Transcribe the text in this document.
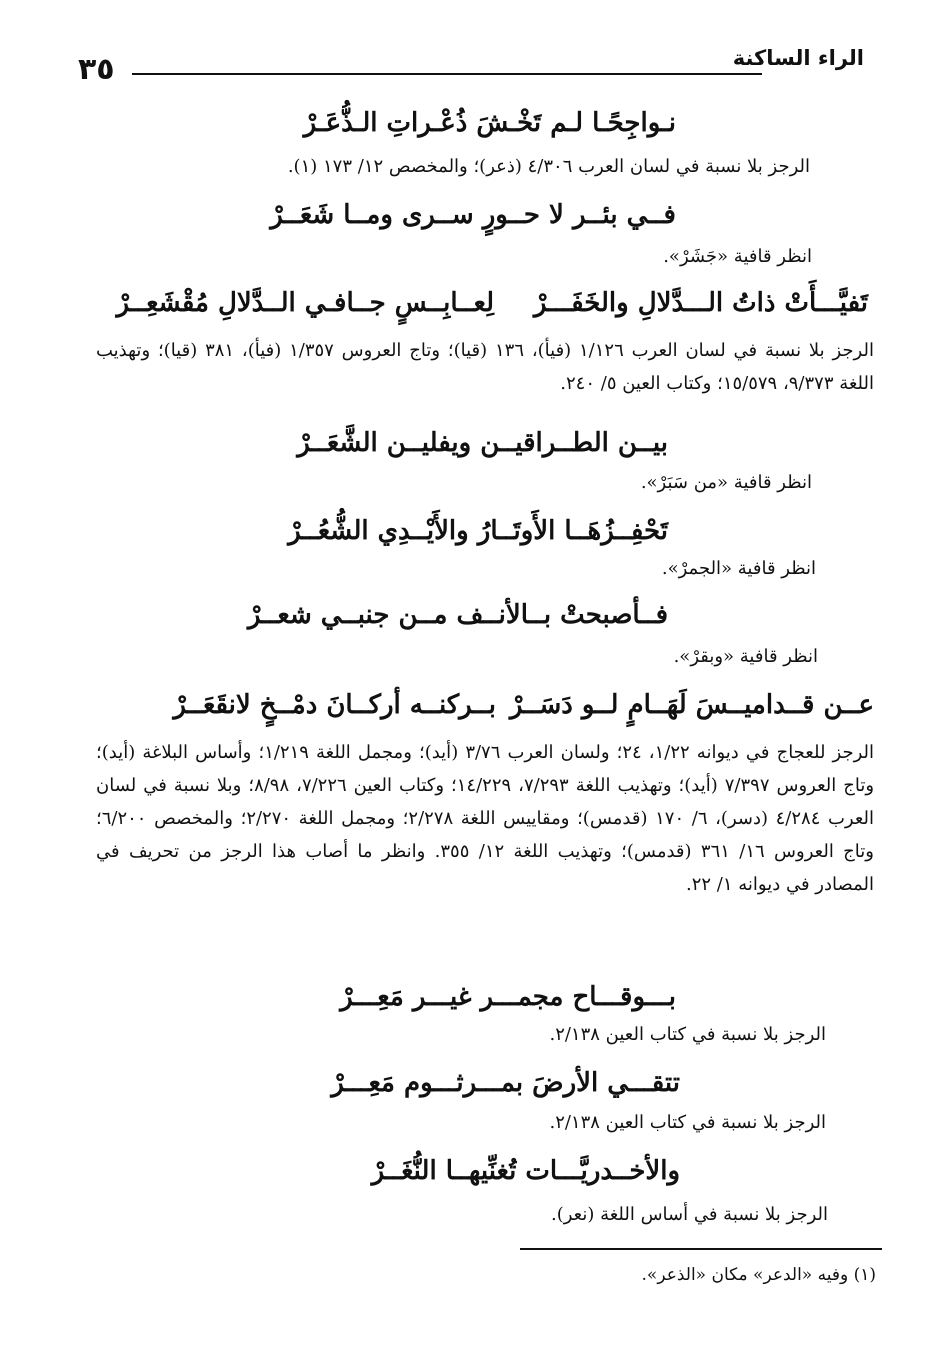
الراء الساكنة
٣٥
نـواجِحًـا لـم تَخْـشَ ذُعْـراتِ الـذُّعَـرْ
الرجز بلا نسبة في لسان العرب ٤/٣٠٦ (ذعر)؛ والمخصص ١٢/ ١٧٣ (١).
فــي بئــر لا حــورٍ ســرى ومــا شَعَــرْ
انظر قافية «جَشَرْ».
تَفيَّـــأَتْ ذاتُ الـــدَّلالِ والخَفَـــرْ
لِعــابِــسٍ جــافـي الــدَّلالِ مُقْشَعِــرْ
الرجز بلا نسبة في لسان العرب ١/١٢٦ (فيأ)، ١٣٦ (قيا)؛ وتاج العروس ١/٣٥٧ (فيأ)، ٣٨١ (قيا)؛ وتهذيب اللغة ٩/٣٧٣، ١٥/٥٧٩؛ وكتاب العين ٥/ ٢٤٠.
بيــن الطــراقيــن ويفليــن الشَّعَــرْ
انظر قافية «من سَبَرْ».
تَحْفِــزُهَــا الأَوتَــارُ والأَيْــدِي الشُّعُــرْ
انظر قافية «الجمرْ».
فــأصبحتْ بــالأنــف مــن جنبــي شعــرْ
انظر قافية «وبقرْ».
عــن قــداميــسَ لَهَــامٍ لــو دَسَــرْ
بــركنــه أركــانَ دمْــخٍ لانقَعَــرْ
الرجز للعجاج في ديوانه ١/٢٢، ٢٤؛ ولسان العرب ٣/٧٦ (أيد)؛ ومجمل اللغة ١/٢١٩؛ وأساس البلاغة (أيد)؛ وتاج العروس ٧/٣٩٧ (أيد)؛ وتهذيب اللغة ٧/٢٩٣، ١٤/٢٢٩؛ وكتاب العين ٧/٢٢٦، ٨/٩٨؛ وبلا نسبة في لسان العرب ٤/٢٨٤ (دسر)، ٦/ ١٧٠ (قدمس)؛ ومقاييس اللغة ٢/٢٧٨؛ ومجمل اللغة ٢/٢٧٠؛ والمخصص ٦/٢٠٠؛ وتاج العروس ١٦/ ٣٦١ (قدمس)؛ وتهذيب اللغة ١٢/ ٣٥٥. وانظر ما أصاب هذا الرجز من تحريف في المصادر في ديوانه ١/ ٢٢.
بـــوقـــاح مجمـــر غيـــر مَعِـــرْ
الرجز بلا نسبة في كتاب العين ٢/١٣٨.
تتقـــي الأرضَ بمـــرثـــوم مَعِـــرْ
الرجز بلا نسبة في كتاب العين ٢/١٣٨.
والأخــدريَّـــات تُغنِّيهــا النُّغَــرْ
الرجز بلا نسبة في أساس اللغة (نعر).
(١) وفيه «الدعر» مكان «الذعر».
